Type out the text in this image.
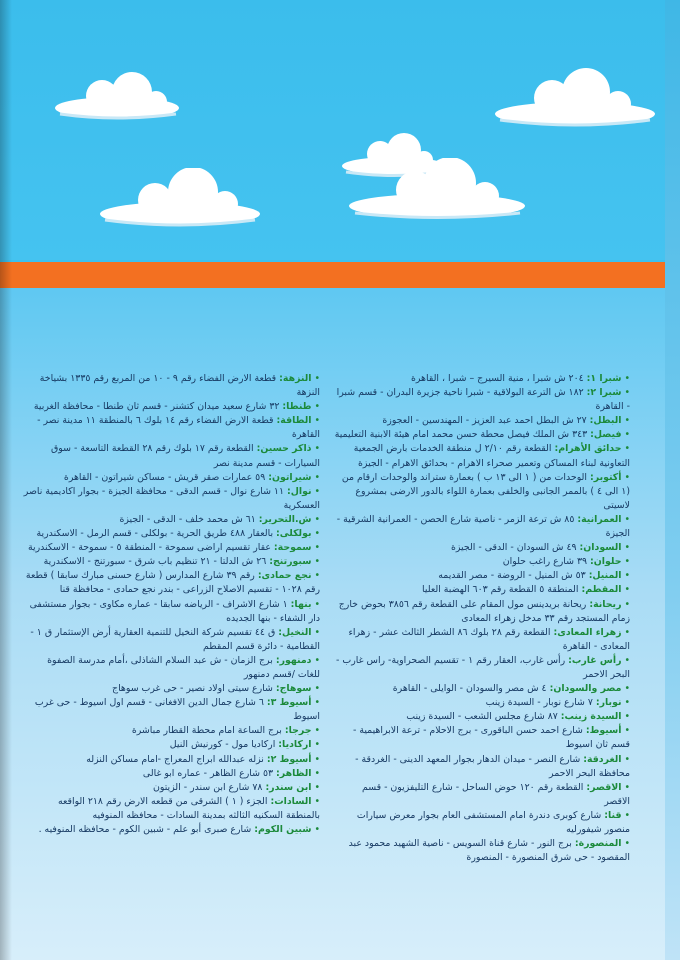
• شبرا ١: ٢٠٤ ش شبرا ، منية السيرج – شبرا ، القاهرة

• شبرا ٢: ١٨٢ ش الترعة البولاقية - شبرا ناحية جزيرة البدران - قسم شبرا - القاهرة

• البطل: ٢٧ ش البطل احمد عبد العزيز - المهندسين - العجوزة

• فيصل: ٣٤٣ ش الملك فيصل محطة حسن محمد امام هيئة الابنية التعليمية

• حدائق الأهرام: القطعة رقم ٢/١٠ ل منطقة الخدمات بارض الجمعية التعاونية لبناء المساكن وتعمير صحراء الاهرام - بحدائق الاهرام - الجيزة

• أكتوبر: الوحدات من ( ١ الى ١٣ ب ) بعمارة ستراند والوحدات ارقام من (١ الى ٤ ) بالممر الجانبى والخلفى بعمارة اللواء بالدور الارضى بمشروع لاسيتى

• العمرانية: ٨٥ ش ترعة الزمر - ناصية شارع الحصن - العمرانية الشرقية - الجيزة

• السودان: ٤٩ ش السودان - الدقى - الجيزة

• حلوان: ٣٩ شارع راغب حلوان

• المنيل: ٥٣ ش المنيل - الروضة - مصر القديمه

• المقطم: المنطقة ٥ القطعة رقم ٦٠٣ الهضبة العليا

• ريحانة: ريحانة بريدينس مول المقام على القطعة رقم ٣٨٥٦ بحوض خارج زمام المستجد رقم ٣٣ مدخل زهراء المعادى

• زهراء المعادى: القطعة رقم ٢٨ بلوك ٨٦ الشطر الثالث عشر - زهراء المعادى - القاهرة

• رأس غارب: رأس غارب، العقار رقم ١ - تقسيم الصحراوية- راس غارب - البحر الاحمر

• مصر والسودان: ٤ ش مصر والسودان - الوايلى - القاهرة

• نوبار: ٧ شارع نوبار - السيدة زينب

• السيدة زينب: ٨٧ شارع مجلس الشعب - السيدة زينب

• أسيوط: شارع احمد حسن الباقورى - برج الاحلام - ترعة الابراهيمية - قسم ثان اسيوط

• الغردقة: شارع النصر - ميدان الدهار بجوار المعهد الدينى - الغردقة - محافظة البحر الاحمر

• الاقصر: القطعة رقم ١٢٠ حوض الساحل - شارع التليفزيون - قسم الاقصر

• قنا: شارع كوبرى دندرة امام المستشفى العام بجوار معرض سيارات منصور شيفورليه

• المنصورة: برج النور - شارع قناة السويس - ناصية الشهيد محمود عبد المقصود - حى شرق المنصورة - المنصورة

• النزهة: قطعة الارض الفضاء رقم ٩ - ١٠ من المربع رقم ١٣٣٥ بشياخة النزهة

• طنطا: ٣٢ شارع سعيد ميدان كتشنر - قسم ثان طنطا - محافظة الغربية

• الطاقة: قطعة الارض الفضاء رقم ١٤ بلوك ٦ بالمنطقة ١١ مدينة نصر - القاهرة

• ذاكر حسين: القطعة رقم ١٧ بلوك رقم ٢٨ القطعة التاسعة - سوق السيارات - قسم مدينة نصر

• شيراتون: ٥٩ عمارات صقر قريش - مساكن شيراتون - القاهرة

• نوال: ١١ شارع نوال - قسم الدقى - محافظة الجيزة - بجوار اكاديمية ناصر العسكرية

• ش.التحرير: ٦١ ش محمد خلف - الدقى - الجيزة

• بولكلى: بالعقار ٤٨٨ طريق الحرية - بولكلى - قسم الرمل - الاسكندرية

• سموحة: عقار تقسيم اراضى سموحة - المنطقة ٥ - سموحة - الاسكندرية

• سبورتنج: ٢٦ ش الدلتا - ٢١ تنظيم باب شرق - سبورتنج - الاسكندرية

• نجع حمادى: رقم ٣٩ شارع المدارس ( شارع حسنى مبارك سابقا ) قطعة رقم ١٠٢٨ - تقسيم الاصلاح الزراعى - بندر نجع حمادى - محافظة قنا

• بنها: ١ شارع الاشراف - الرياضه سابقا - عماره مكاوى - بجوار مستشفى دار الشفاء - بنها الجديده

• النخيل: ق ٤٤ تقسيم شركة النخيل للتنمية العقارية أرض الإستثمار ق ١ - القطامية - دائرة قسم المقطم

• دمنهور: برج الزمان - ش عبد السلام الشاذلى ،أمام مدرسة الصفوة للغات /قسم دمنهور

• سوهاج: شارع سيتى اولاد نصير - حى غرب سوهاج

• أسيوط ٣: ٦ شارع جمال الدين الافغانى - قسم اول اسيوط - حى غرب اسيوط

• جرجا: برج الساعة امام محطة القطار مباشرة

• اركاديا: اركاديا مول - كورنيش النيل

• أسيوط ٢: نزله عبدالله ابراج المعراج -امام مساكن النزله

• الظاهر: ٥٣ شارع الظاهر - عماره ابو غالى

• ابن سندر: ٧٨ شارع ابن سندر - الزيتون

• السادات: الجزء ( ١ ) الشرقى من قطعه الارض رقم ٢١٨ الواقعه بالمنطقة السكنيه الثالثه بمدينة السادات - محافظه المنوفيه

• شبين الكوم: شارع صبرى أبو علم - شبين الكوم - محافظه المنوفيه .
